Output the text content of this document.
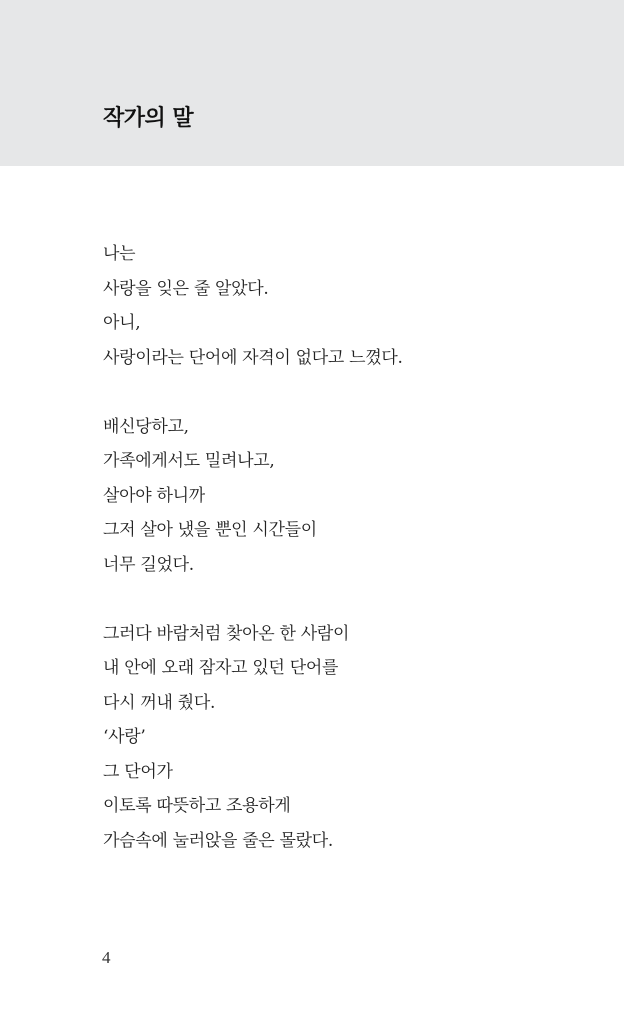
작가의 말
나는
사랑을 잊은 줄 알았다.
아니,
사랑이라는 단어에 자격이 없다고 느꼈다.
배신당하고,
가족에게서도 밀려나고,
살아야 하니까
그저 살아 냈을 뿐인 시간들이
너무 길었다.
그러다 바람처럼 찾아온 한 사람이
내 안에 오래 잠자고 있던 단어를
다시 꺼내 줬다.
‘사랑’
그 단어가
이토록 따뜻하고 조용하게
가슴속에 눌러앉을 줄은 몰랐다.
4
